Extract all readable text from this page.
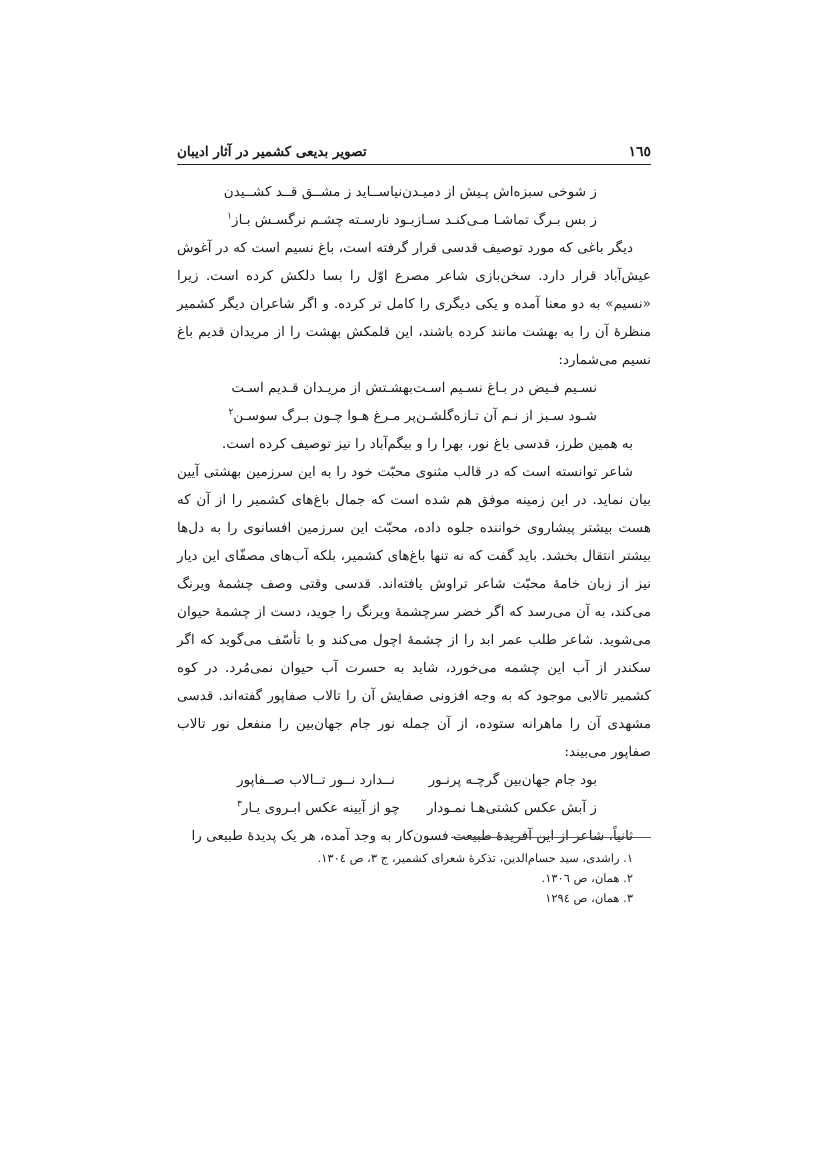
١٦٥
تصویر بدیعی کشمیر در آثار ادیبان
ز شوخی سبزه‌اش پـیش از دمیـدن
نیاســاید ز مشــق قــد کشــیدن
ز بس بـرگ تماشـا مـی‌کنـد سـاز
بـود نارسـته چشـم نرگسـش بـاز$^١$

دیگر باغی که مورد توصیف قدسی قرار گرفته است، باغ نسیم است که در آغوش عیش‌آباد قرار دارد. سخن‌بازی شاعر مصرع اوّل را بسا دلکش کرده است. زیرا «نسیم» به دو معنا آمده و یکی دیگری را کامل تر کرده. و اگر شاعران دیگر کشمیر منظرهٔ آن را به بهشت مانند کرده باشند، این قلمکش بهشت را از مریدان قدیم باغ نسیم می‌شمارد:

نسـیم فـیض در بـاغ نسـیم اسـت
بهشـتش از مریـدان قـدیم اسـت
شـود سـبز از نـم آن تـازه‌گلشـن
پر مـرغ هـوا چـون بـرگ سوسـن$^٢$

به همین طرز، قدسی باغ نور، بهرا را و بیگم‌آباد را نیز توصیف کرده است.

شاعر توانسته است که در قالب مثنوی محبّت خود را به این سرزمین بهشتی آیین بیان نماید. در این زمینه موفق هم شده است که جمال باغ‌های کشمیر را از آن که هست بیشتر پیشاروی خواننده جلوه داده، محبّت این سرزمین افسانوی را به دل‌ها بیشتر انتقال بخشد. باید گفت که نه تنها باغ‌های کشمیر، بلکه آب‌های مصفّای این دیار نیز از زبان خامهٔ محبّت شاعر تراوش یافته‌اند. قدسی وقتی وصف چشمهٔ ویرنگ می‌کند، به آن می‌رسد که اگر خضر سرچشمهٔ ویرنگ را جوید، دست از چشمهٔ حیوان می‌شوید. شاعر طلب عمر ابد را از چشمهٔ اچول می‌کند و با تأسّف می‌گوید که اگر سکندر از آب این چشمه می‌خورد، شاید به حسرت آب حیوان نمی‌مُرد. در کوه کشمیر تالابی موجود که به وجه افزونی صفایش آن را تالاب صفاپور گفته‌اند. قدسی مشهدی آن را ماهرانه ستوده، از آن جمله نور جام جهان‌بین را منفعل نور تالاب صفاپور می‌بیند:

بود جام جهان‌بین گرچـه پرنـور
نــدارد نــور تــالاب صــفاپور
ز آبش عکس کشتی‌هـا نمـودار
چو از آیینه عکس ابـروی یـار$^٣$

ثانیاً، شاعر از این آفریدهٔ طبیعت فسون‌کار به وجد آمده، هر یک پدیدهٔ طبیعی را

١. راشدی، سید حسام‌الدین، تذکرهٔ شعرای کشمیر، ج ٣، ص ١٣٠٤.
٢. همان، ص ١٣٠٦.
٣. همان، ص ١٢٩٤
